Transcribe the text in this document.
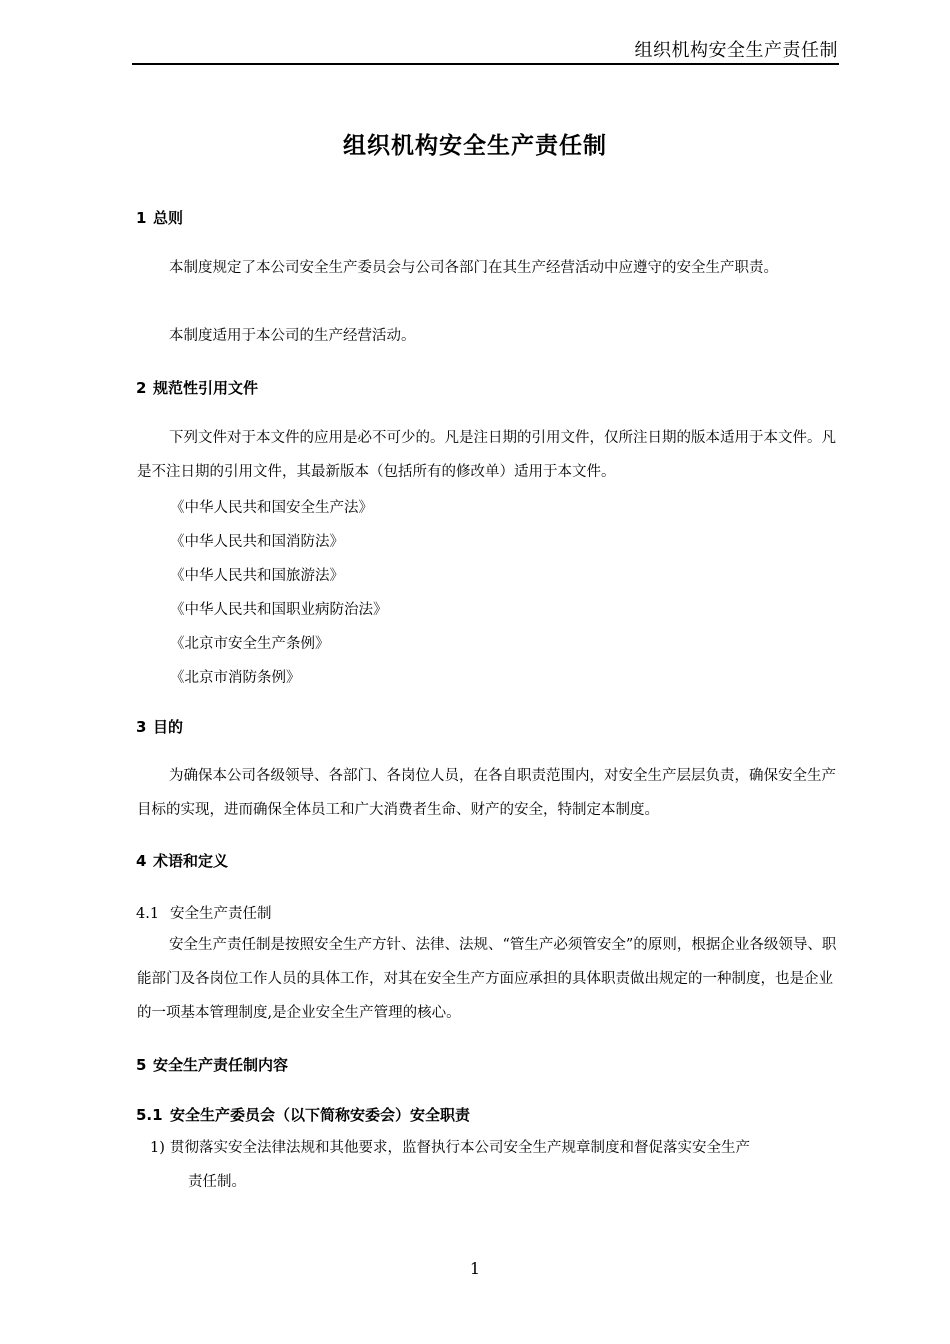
组织机构安全生产责任制
组织机构安全生产责任制
1 总则

本制度规定了本公司安全生产委员会与公司各部门在其生产经营活动中应遵守的安全生产职责。

本制度适用于本公司的生产经营活动。

2 规范性引用文件

下列文件对于本文件的应用是必不可少的。凡是注日期的引用文件，仅所注日期的版本适用于本文件。凡是不注日期的引用文件，其最新版本（包括所有的修改单）适用于本文件。

《中华人民共和国安全生产法》
《中华人民共和国消防法》
《中华人民共和国旅游法》
《中华人民共和国职业病防治法》
《北京市安全生产条例》
《北京市消防条例》
3 目的

为确保本公司各级领导、各部门、各岗位人员，在各自职责范围内，对安全生产层层负责，确保安全生产目标的实现，进而确保全体员工和广大消费者生命、财产的安全，特制定本制度。

4 术语和定义
4.1 安全生产责任制

安全生产责任制是按照安全生产方针、法律、法规、“管生产必须管安全”的原则，根据企业各级领导、职能部门及各岗位工作人员的具体工作，对其在安全生产方面应承担的具体职责做出规定的一种制度，也是企业的一项基本管理制度,是企业安全生产管理的核心。

5 安全生产责任制内容
5.1 安全生产委员会（以下简称安委会）安全职责
1) 贯彻落实安全法律法规和其他要求，监督执行本公司安全生产规章制度和督促落实安全生产
责任制。
1
